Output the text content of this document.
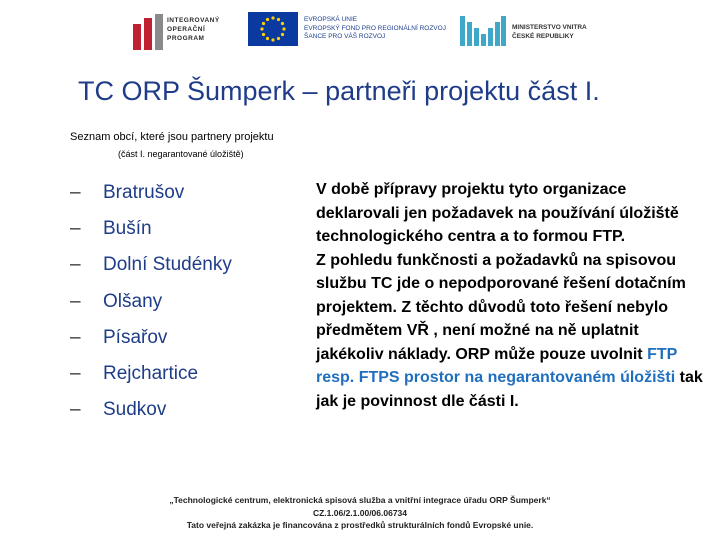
INTEGROVANÝ
OPERAČNÍ
PROGRAM
EVROPSKÁ UNIE
EVROPSKÝ FOND PRO REGIONÁLNÍ ROZVOJ
ŠANCE PRO VÁŠ ROZVOJ
MINISTERSTVO VNITRA
ČESKÉ REPUBLIKY
TC ORP Šumperk – partneři projektu část I.
Seznam obcí, které jsou partnery projektu
(část I. negarantované úložiště)
–	Bratrušov
–	Bušín
–	Dolní Studénky
–	Olšany
–	Písařov
–	Rejchartice
–	Sudkov
V době přípravy projektu tyto organizace deklarovali jen požadavek na používání úložiště technologického centra a to formou FTP.
Z pohledu funkčnosti a požadavků na spisovou službu TC jde o nepodporované řešení dotačním projektem. Z těchto důvodů toto řešení nebylo předmětem VŘ , není možné na ně uplatnit jakékoliv náklady. ORP může pouze uvolnit FTP resp. FTPS prostor na negarantovaném úložišti tak jak je povinnost dle části I.
„Technologické centrum, elektronická spisová služba a vnitřní integrace úřadu ORP Šumperk“
CZ.1.06/2.1.00/06.06734
Tato veřejná zakázka je financována z prostředků strukturálních fondů Evropské unie.
